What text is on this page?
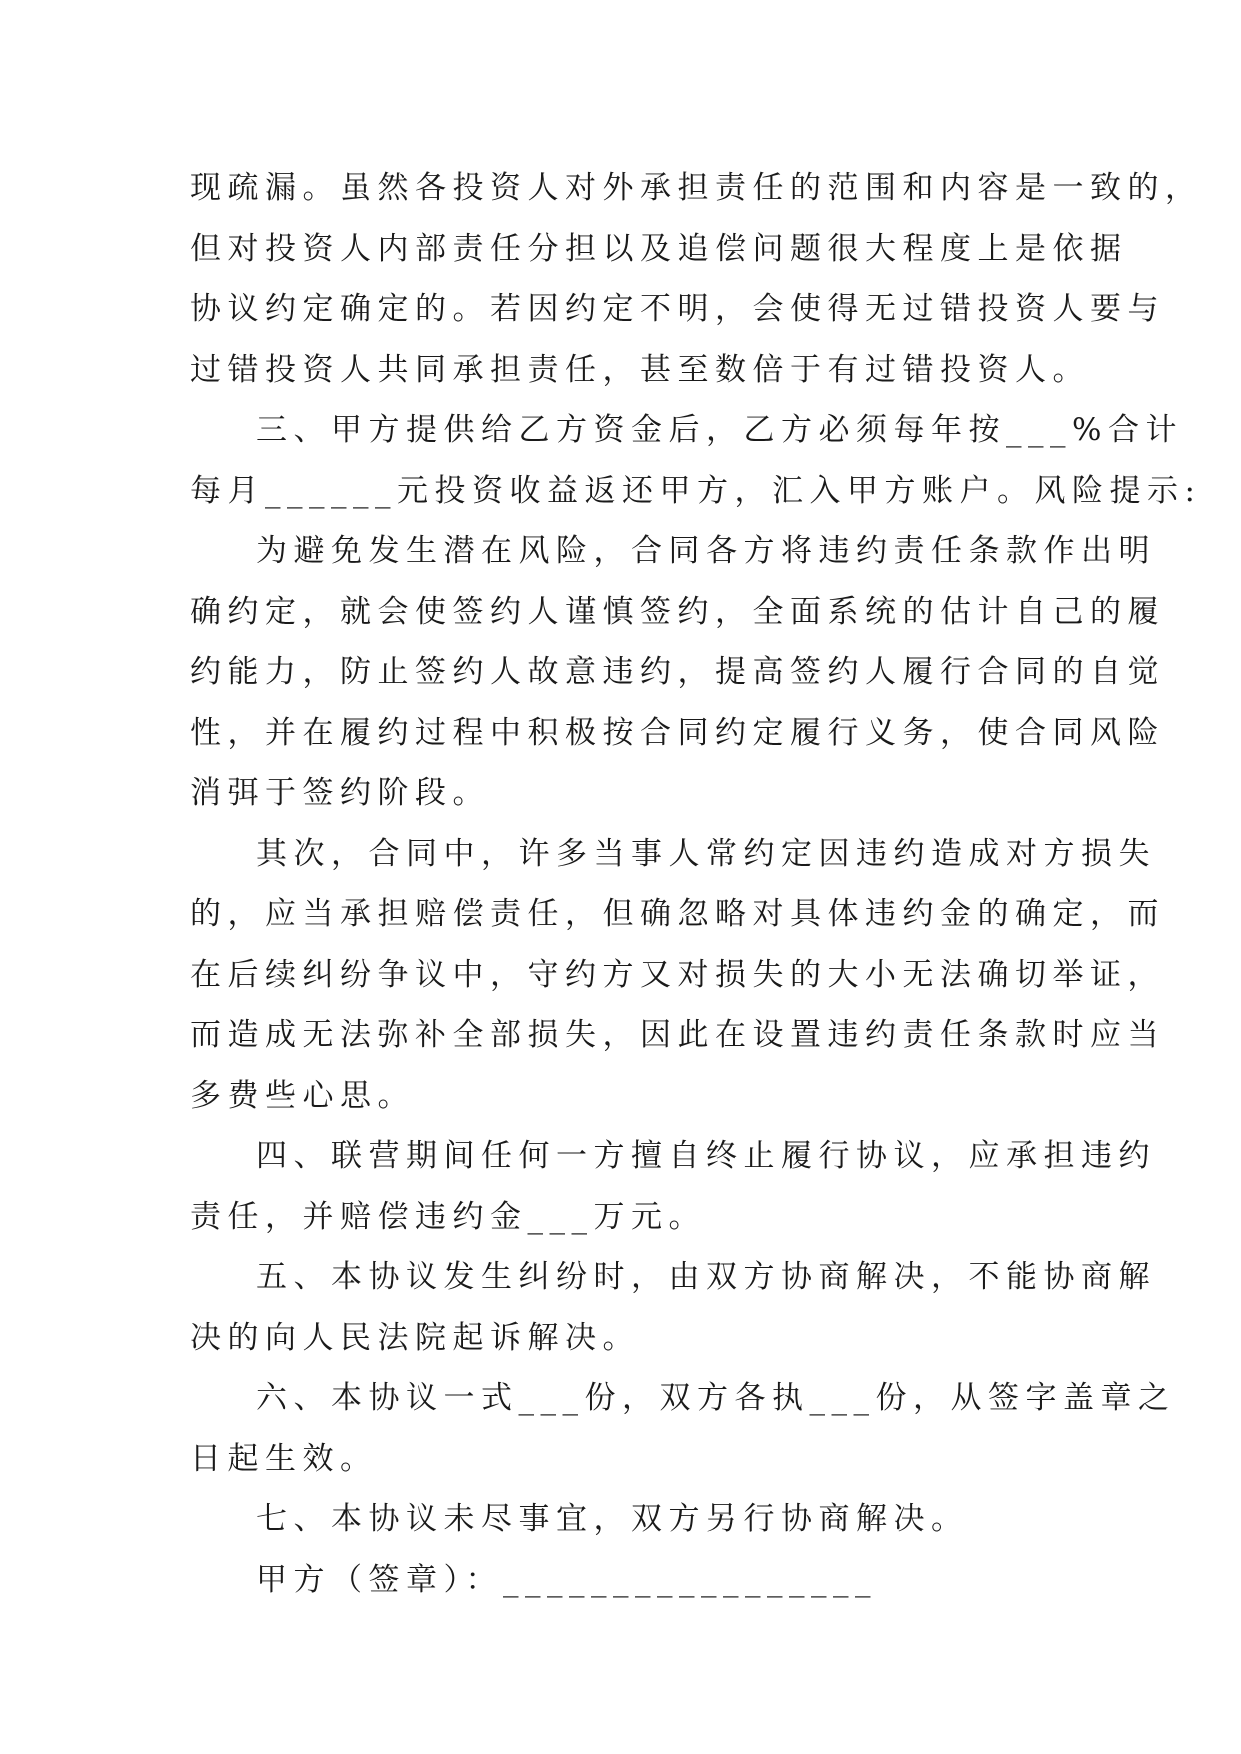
现疏漏。虽然各投资人对外承担责任的范围和内容是一致的，
但对投资人内部责任分担以及追偿问题很大程度上是依据
协议约定确定的。若因约定不明，会使得无过错投资人要与
过错投资人共同承担责任，甚至数倍于有过错投资人。
三、甲方提供给乙方资金后，乙方必须每年按___%合计
每月______元投资收益返还甲方，汇入甲方账户。风险提示:
为避免发生潜在风险，合同各方将违约责任条款作出明
确约定，就会使签约人谨慎签约，全面系统的估计自己的履
约能力，防止签约人故意违约，提高签约人履行合同的自觉
性，并在履约过程中积极按合同约定履行义务，使合同风险
消弭于签约阶段。
其次，合同中，许多当事人常约定因违约造成对方损失
的，应当承担赔偿责任，但确忽略对具体违约金的确定，而
在后续纠纷争议中，守约方又对损失的大小无法确切举证，
而造成无法弥补全部损失，因此在设置违约责任条款时应当
多费些心思。
四、联营期间任何一方擅自终止履行协议，应承担违约
责任，并赔偿违约金___万元。
五、本协议发生纠纷时，由双方协商解决，不能协商解
决的向人民法院起诉解决。
六、本协议一式___份，双方各执___份，从签字盖章之
日起生效。
七、本协议未尽事宜，双方另行协商解决。
甲方（签章）：_________________
